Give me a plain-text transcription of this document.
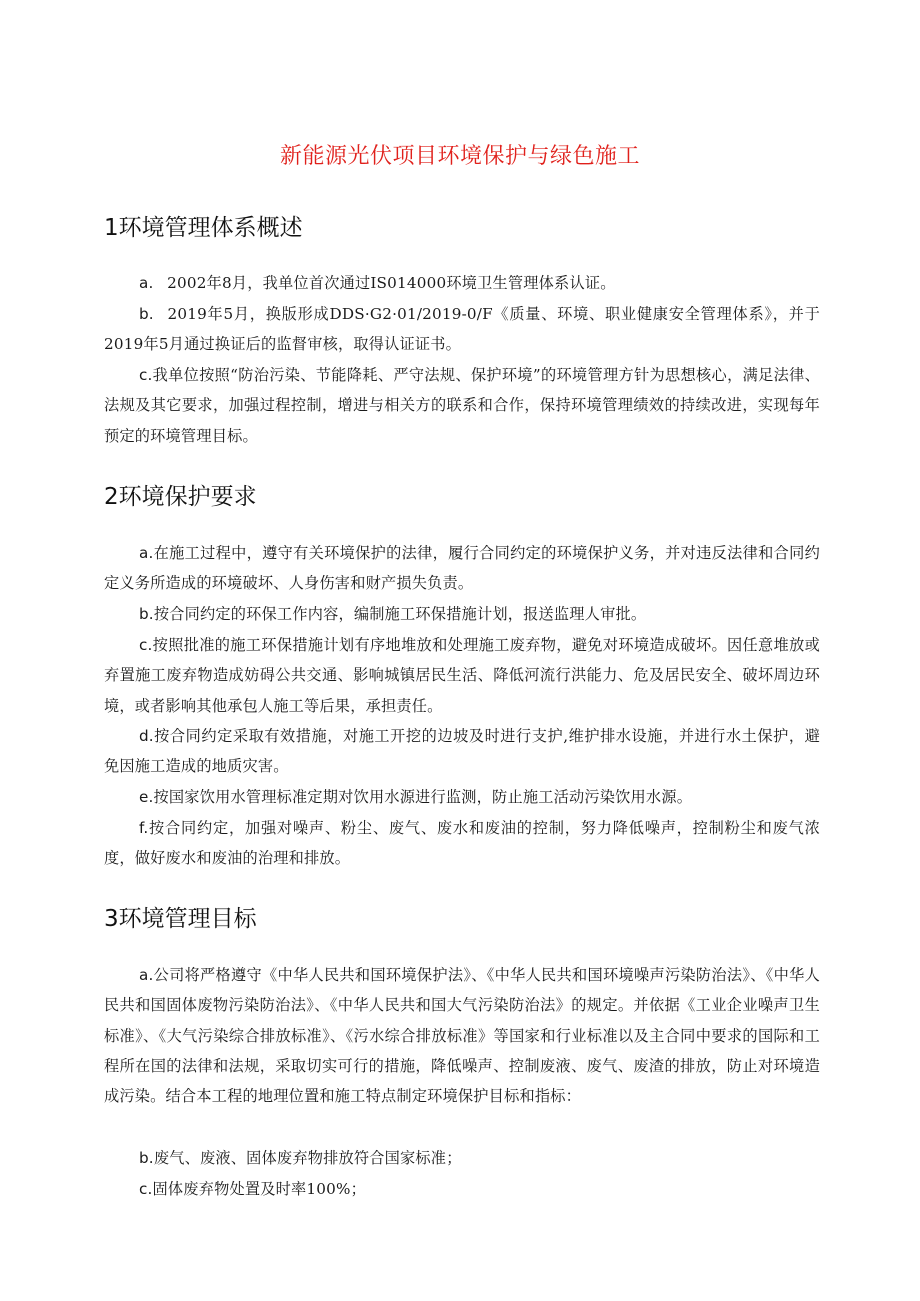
新能源光伏项目环境保护与绿色施工
1环境管理体系概述
a. 2002年8月，我单位首次通过IS014000环境卫生管理体系认证。
b. 2019年5月，换版形成DDS·G2·01/2019-0/F《质量、环境、职业健康安全管理体系》，并于2019年5月通过换证后的监督审核，取得认证证书。
c.我单位按照“防治污染、节能降耗、严守法规、保护环境”的环境管理方针为思想核心，满足法律、法规及其它要求，加强过程控制，增进与相关方的联系和合作，保持环境管理绩效的持续改进，实现每年预定的环境管理目标。
2环境保护要求
a.在施工过程中，遵守有关环境保护的法律，履行合同约定的环境保护义务，并对违反法律和合同约定义务所造成的环境破坏、人身伤害和财产损失负责。
b.按合同约定的环保工作内容，编制施工环保措施计划，报送监理人审批。
c.按照批准的施工环保措施计划有序地堆放和处理施工废弃物，避免对环境造成破坏。因任意堆放或弃置施工废弃物造成妨碍公共交通、影响城镇居民生活、降低河流行洪能力、危及居民安全、破坏周边环境，或者影响其他承包人施工等后果，承担责任。
d.按合同约定采取有效措施，对施工开挖的边坡及时进行支护,维护排水设施，并进行水土保护，避免因施工造成的地质灾害。
e.按国家饮用水管理标准定期对饮用水源进行监测，防止施工活动污染饮用水源。
f.按合同约定，加强对噪声、粉尘、废气、废水和废油的控制，努力降低噪声，控制粉尘和废气浓度，做好废水和废油的治理和排放。
3环境管理目标
a.公司将严格遵守《中华人民共和国环境保护法》、《中华人民共和国环境噪声污染防治法》、《中华人民共和国固体废物污染防治法》、《中华人民共和国大气污染防治法》的规定。并依据《工业企业噪声卫生标准》、《大气污染综合排放标准》、《污水综合排放标准》等国家和行业标准以及主合同中要求的国际和工程所在国的法律和法规，采取切实可行的措施，降低噪声、控制废液、废气、废渣的排放，防止对环境造成污染。结合本工程的地理位置和施工特点制定环境保护目标和指标：
b.废气、废液、固体废弃物排放符合国家标准；
c.固体废弃物处置及时率100%；
